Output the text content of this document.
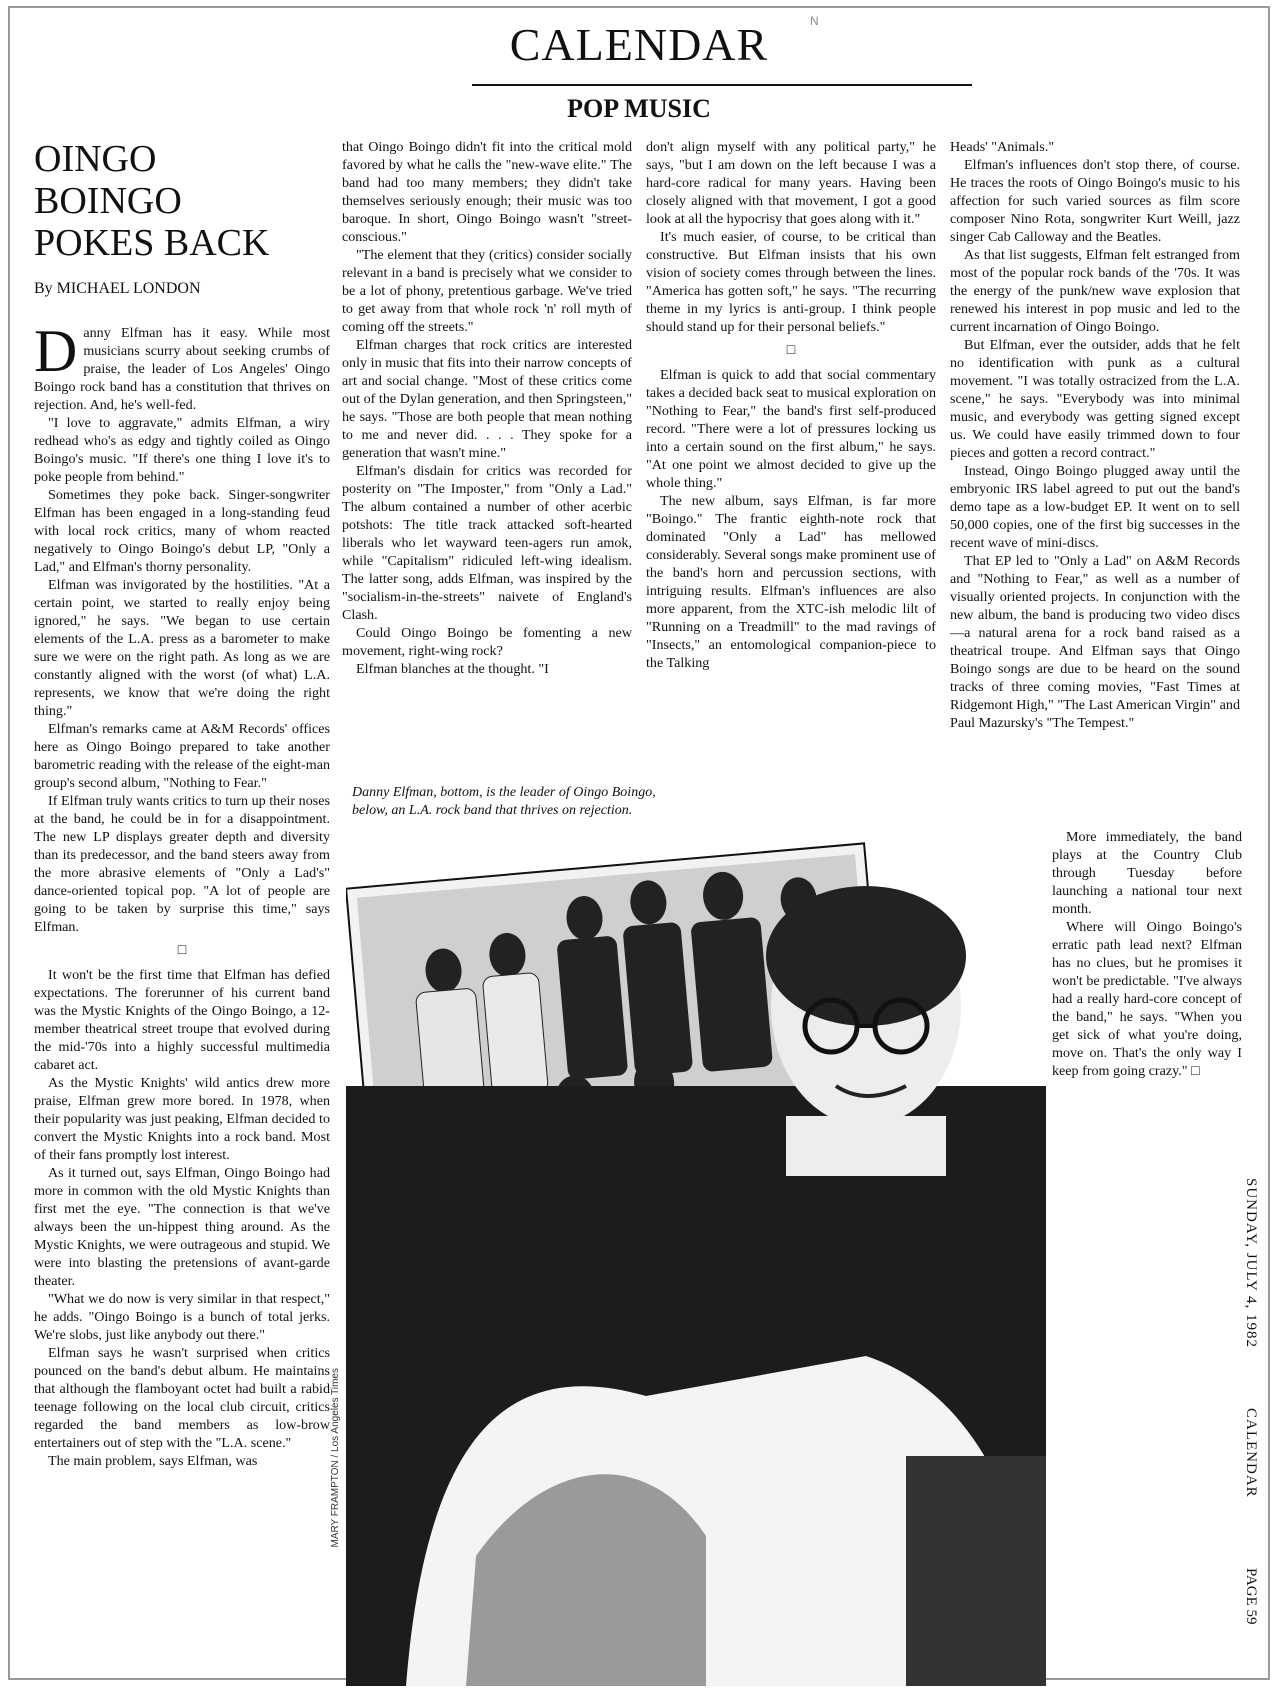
N
CALENDAR
POP MUSIC
OINGO
BOINGO
POKES BACK
By MICHAEL LONDON

Danny Elfman has it easy. While most musicians scurry about seeking crumbs of praise, the leader of Los Angeles' Oingo Boingo rock band has a constitution that thrives on rejection. And, he's well-fed.

"I love to aggravate," admits Elfman, a wiry redhead who's as edgy and tightly coiled as Oingo Boingo's music. "If there's one thing I love it's to poke people from behind."

Sometimes they poke back. Singer-songwriter Elfman has been engaged in a long-standing feud with local rock critics, many of whom reacted negatively to Oingo Boingo's debut LP, "Only a Lad," and Elfman's thorny personality.

Elfman was invigorated by the hostilities. "At a certain point, we started to really enjoy being ignored," he says. "We began to use certain elements of the L.A. press as a barometer to make sure we were on the right path. As long as we are constantly aligned with the worst (of what) L.A. represents, we know that we're doing the right thing."

Elfman's remarks came at A&M Records' offices here as Oingo Boingo prepared to take another barometric reading with the release of the eight-man group's second album, "Nothing to Fear."

If Elfman truly wants critics to turn up their noses at the band, he could be in for a disappointment. The new LP displays greater depth and diversity than its predecessor, and the band steers away from the more abrasive elements of "Only a Lad's" dance-oriented topical pop. "A lot of people are going to be taken by surprise this time," says Elfman.

□

It won't be the first time that Elfman has defied expectations. The forerunner of his current band was the Mystic Knights of the Oingo Boingo, a 12-member theatrical street troupe that evolved during the mid-'70s into a highly successful multimedia cabaret act.

As the Mystic Knights' wild antics drew more praise, Elfman grew more bored. In 1978, when their popularity was just peaking, Elfman decided to convert the Mystic Knights into a rock band. Most of their fans promptly lost interest.

As it turned out, says Elfman, Oingo Boingo had more in common with the old Mystic Knights than first met the eye. "The connection is that we've always been the un-hippest thing around. As the Mystic Knights, we were outrageous and stupid. We were into blasting the pretensions of avant-garde theater.

"What we do now is very similar in that respect," he adds. "Oingo Boingo is a bunch of total jerks. We're slobs, just like anybody out there."

Elfman says he wasn't surprised when critics pounced on the band's debut album. He maintains that although the flamboyant octet had built a rabid teenage following on the local club circuit, critics regarded the band members as low-brow entertainers out of step with the "L.A. scene."

The main problem, says Elfman, was

that Oingo Boingo didn't fit into the critical mold favored by what he calls the "new-wave elite." The band had too many members; they didn't take themselves seriously enough; their music was too baroque. In short, Oingo Boingo wasn't "street-conscious."

"The element that they (critics) consider socially relevant in a band is precisely what we consider to be a lot of phony, pretentious garbage. We've tried to get away from that whole rock 'n' roll myth of coming off the streets."

Elfman charges that rock critics are interested only in music that fits into their narrow concepts of art and social change. "Most of these critics come out of the Dylan generation, and then Springsteen," he says. "Those are both people that mean nothing to me and never did. . . . They spoke for a generation that wasn't mine."

Elfman's disdain for critics was recorded for posterity on "The Imposter," from "Only a Lad." The album contained a number of other acerbic potshots: The title track attacked soft-hearted liberals who let wayward teen-agers run amok, while "Capitalism" ridiculed left-wing idealism. The latter song, adds Elfman, was inspired by the "socialism-in-the-streets" naivete of England's Clash.

Could Oingo Boingo be fomenting a new movement, right-wing rock?

Elfman blanches at the thought. "I

don't align myself with any political party," he says, "but I am down on the left because I was a hard-core radical for many years. Having been closely aligned with that movement, I got a good look at all the hypocrisy that goes along with it."

It's much easier, of course, to be critical than constructive. But Elfman insists that his own vision of society comes through between the lines. "America has gotten soft," he says. "The recurring theme in my lyrics is anti-group. I think people should stand up for their personal beliefs."

□

Elfman is quick to add that social commentary takes a decided back seat to musical exploration on "Nothing to Fear," the band's first self-produced record. "There were a lot of pressures locking us into a certain sound on the first album," he says. "At one point we almost decided to give up the whole thing."

The new album, says Elfman, is far more "Boingo." The frantic eighth-note rock that dominated "Only a Lad" has mellowed considerably. Several songs make prominent use of the band's horn and percussion sections, with intriguing results. Elfman's influences are also more apparent, from the XTC-ish melodic lilt of "Running on a Treadmill" to the mad ravings of "Insects," an entomological companion-piece to the Talking

Heads' "Animals."

Elfman's influences don't stop there, of course. He traces the roots of Oingo Boingo's music to his affection for such varied sources as film score composer Nino Rota, songwriter Kurt Weill, jazz singer Cab Calloway and the Beatles.

As that list suggests, Elfman felt estranged from most of the popular rock bands of the '70s. It was the energy of the punk/new wave explosion that renewed his interest in pop music and led to the current incarnation of Oingo Boingo.

But Elfman, ever the outsider, adds that he felt no identification with punk as a cultural movement. "I was totally ostracized from the L.A. scene," he says. "Everybody was into minimal music, and everybody was getting signed except us. We could have easily trimmed down to four pieces and gotten a record contract."

Instead, Oingo Boingo plugged away until the embryonic IRS label agreed to put out the band's demo tape as a low-budget EP. It went on to sell 50,000 copies, one of the first big successes in the recent wave of mini-discs.

That EP led to "Only a Lad" on A&M Records and "Nothing to Fear," as well as a number of visually oriented projects. In conjunction with the new album, the band is producing two video discs—a natural arena for a rock band raised as a theatrical troupe. And Elfman says that Oingo Boingo songs are due to be heard on the sound tracks of three coming movies, "Fast Times at Ridgemont High," "The Last American Virgin" and Paul Mazursky's "The Tempest."

More immediately, the band plays at the Country Club through Tuesday before launching a national tour next month.

Where will Oingo Boingo's erratic path lead next? Elfman has no clues, but he promises it won't be predictable. "I've always had a really hard-core concept of the band," he says. "When you get sick of what you're doing, move on. That's the only way I keep from going crazy." □

Danny Elfman, bottom, is the leader of Oingo Boingo, below, an L.A. rock band that thrives on rejection.
MARY FRAMPTON / Los Angeles Times
SUNDAY, JULY 4, 1982
CALENDAR
PAGE 59
